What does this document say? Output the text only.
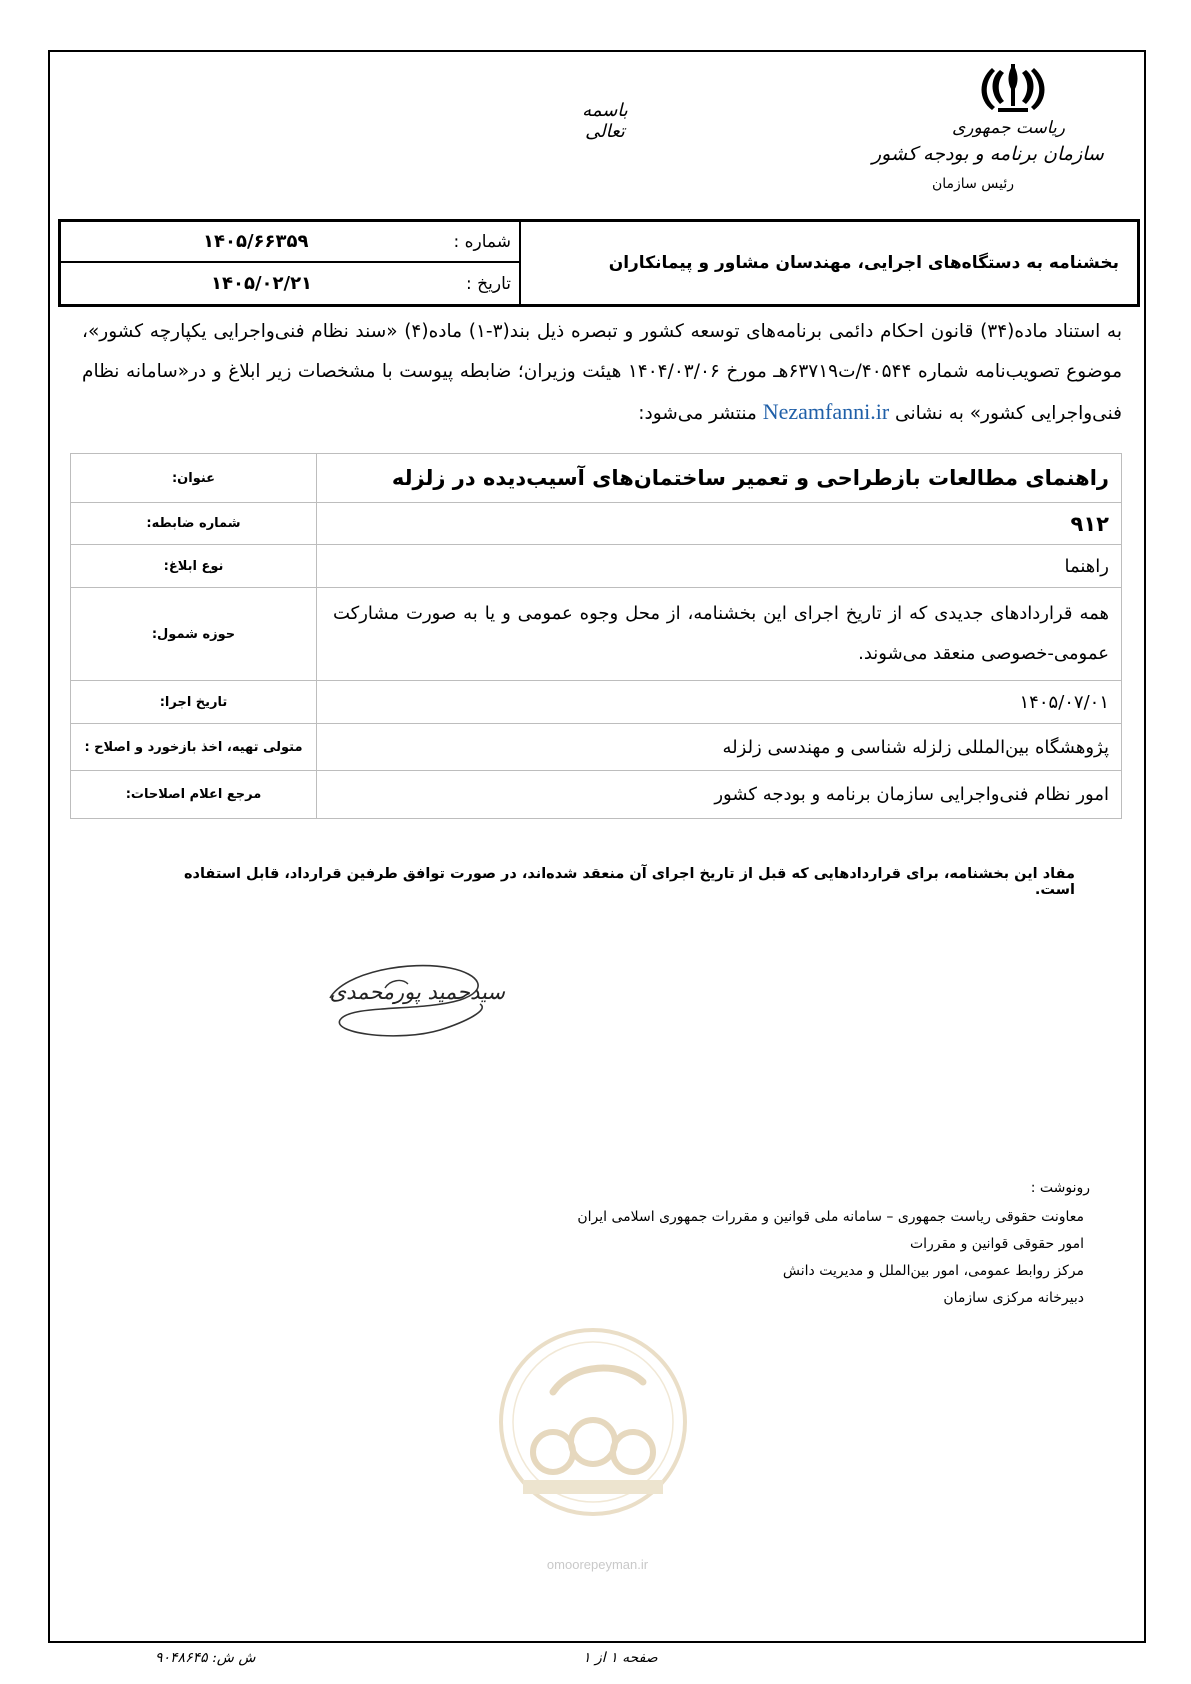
ریاست جمهوری
سازمان برنامه و بودجه کشور
رئیس سازمان
باسمه تعالی
بخشنامه به دستگاه‌های اجرایی، مهندسان مشاور و پیمانکاران
شماره :
۱۴۰۵/۶۶۳۵۹
تاریخ :
۱۴۰۵/۰۲/۲۱
به استناد ماده(۳۴) قانون احکام دائمی برنامه‌های توسعه کشور و تبصره ذیل بند(۳-۱) ماده(۴) «سند نظام فنی‌واجرایی یکپارچه کشور»، موضوع تصویب‌نامه شماره ۴۰۵۴۴/ت۶۳۷۱۹هـ مورخ ۱۴۰۴/۰۳/۰۶ هیئت وزیران؛ ضابطه پیوست با مشخصات زیر ابلاغ و در«سامانه نظام فنی‌واجرایی کشور» به نشانی Nezamfanni.ir منتشر می‌شود:
عنوان:	راهنمای مطالعات بازطراحی و تعمیر ساختمان‌های آسیب‌دیده در زلزله
شماره ضابطه:	۹۱۲
نوع ابلاغ:	راهنما
حوزه شمول:	همه قراردادهای جدیدی که از تاریخ اجرای این بخشنامه، از محل وجوه عمومی و یا به صورت مشارکت عمومی-خصوصی منعقد می‌شوند.
تاریخ اجرا:	۱۴۰۵/۰۷/۰۱
متولی تهیه، اخذ بازخورد و اصلاح :	پژوهشگاه بین‌المللی زلزله شناسی و مهندسی زلزله
مرجع اعلام اصلاحات:	امور نظام فنی‌واجرایی سازمان برنامه و بودجه کشور
مفاد این بخشنامه، برای قراردادهایی که قبل از تاریخ اجرای آن منعقد شده‌اند، در صورت توافق طرفین قرارداد، قابل استفاده است.
سیدحمید پورمحمدی
رونوشت :
معاونت حقوقی ریاست جمهوری – سامانه ملی قوانین و مقررات جمهوری اسلامی ایران
امور حقوقی قوانین و مقررات
مرکز روابط عمومی، امور بین‌الملل و مدیریت دانش
دبیرخانه مرکزی سازمان
omoorepeyman.ir
ش ش: ۹۰۴۸۶۴۵	صفحه ۱ از ۱
